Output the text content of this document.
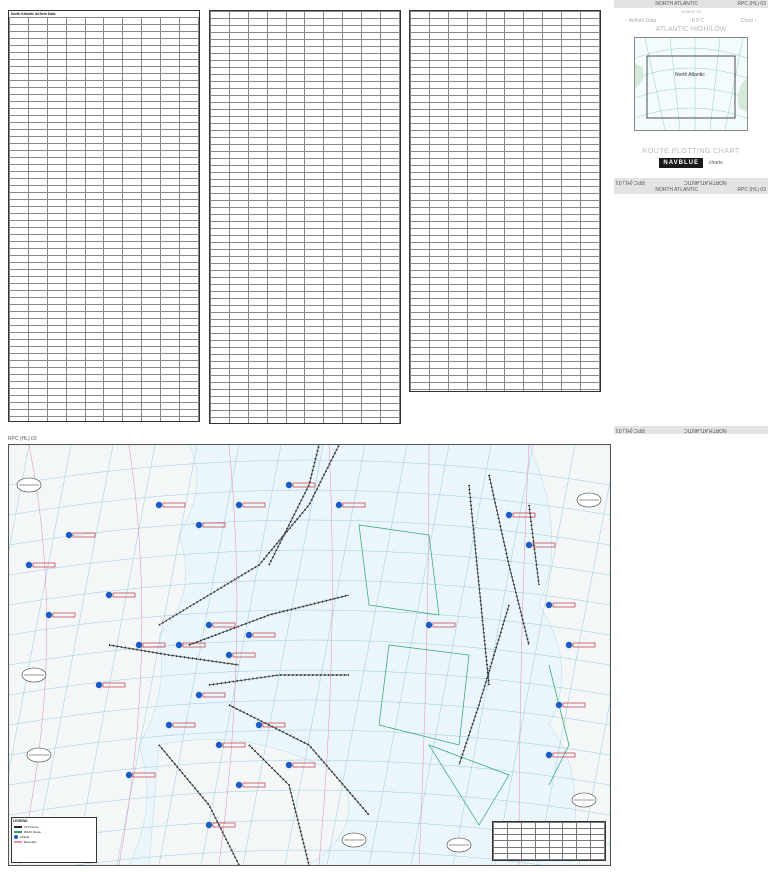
North Atlantic Airfield Data

NORTH ATLANTIC	RPC (HL) 03
13 AUG 23
‹ Airfield Data	RPC	Chart ›
ATLANTIC HIGH/LOW
North Atlantic

ROUTE PLOTTING CHART
NAVBLUE	charts
NORTH ATLANTIC
RPC (HL) 03
NORTH ATLANTIC	RPC (HL) 03
NORTH ATLANTIC
RPC (HL) 03
RPC (HL) 03
LEGEND
ATS Route
RNAV Route
Airfield
Boundary
